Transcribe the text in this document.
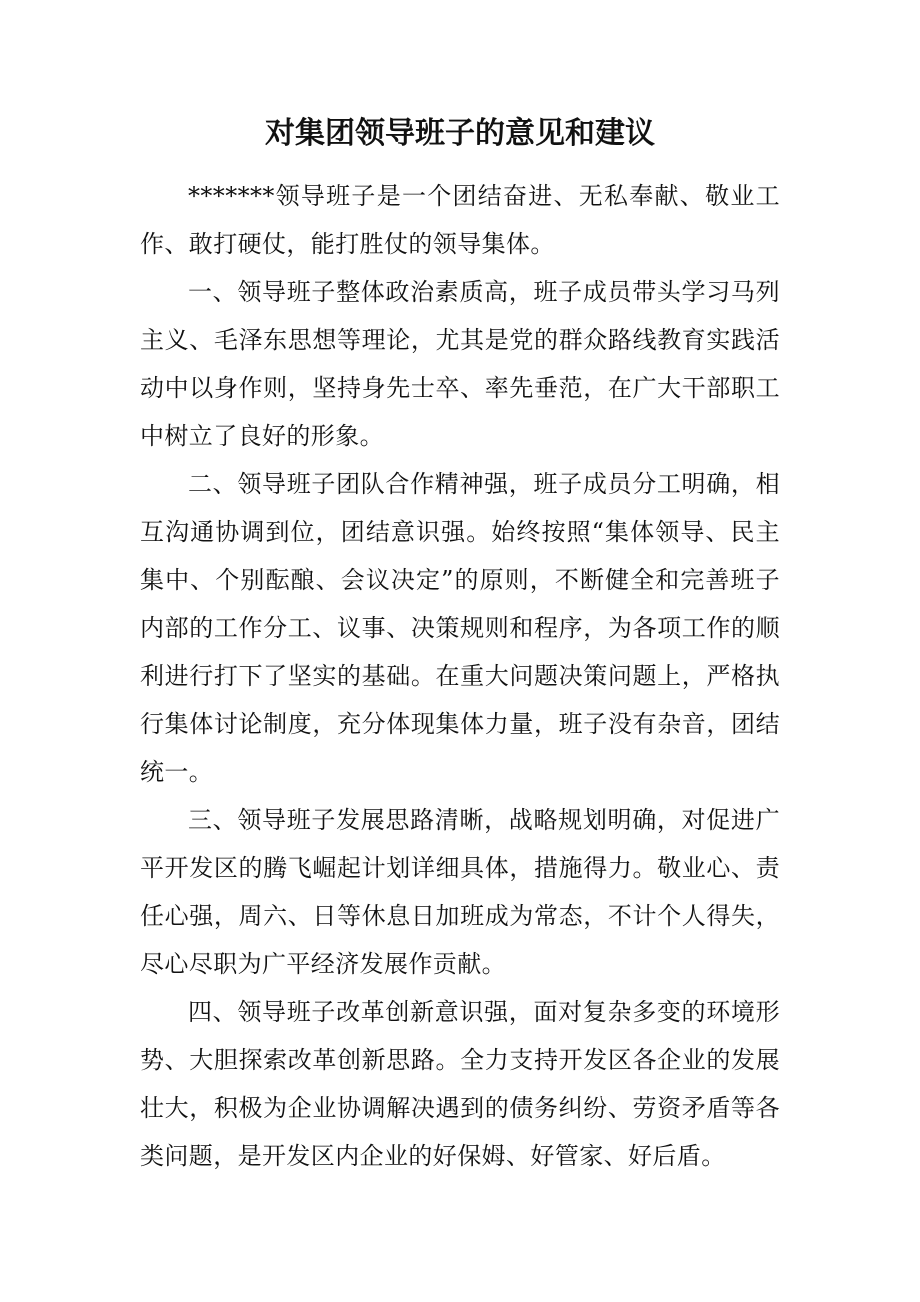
对集团领导班子的意见和建议

*******领导班子是一个团结奋进、无私奉献、敬业工作、敢打硬仗，能打胜仗的领导集体。

一、领导班子整体政治素质高，班子成员带头学习马列主义、毛泽东思想等理论，尤其是党的群众路线教育实践活动中以身作则，坚持身先士卒、率先垂范，在广大干部职工中树立了良好的形象。

二、领导班子团队合作精神强，班子成员分工明确，相互沟通协调到位，团结意识强。始终按照“集体领导、民主集中、个别酝酿、会议决定”的原则，不断健全和完善班子内部的工作分工、议事、决策规则和程序，为各项工作的顺利进行打下了坚实的基础。在重大问题决策问题上，严格执行集体讨论制度，充分体现集体力量，班子没有杂音，团结统一。

三、领导班子发展思路清晰，战略规划明确，对促进广平开发区的腾飞崛起计划详细具体，措施得力。敬业心、责任心强，周六、日等休息日加班成为常态，不计个人得失，尽心尽职为广平经济发展作贡献。

四、领导班子改革创新意识强，面对复杂多变的环境形势、大胆探索改革创新思路。全力支持开发区各企业的发展壮大，积极为企业协调解决遇到的债务纠纷、劳资矛盾等各类问题，是开发区内企业的好保姆、好管家、好后盾。
